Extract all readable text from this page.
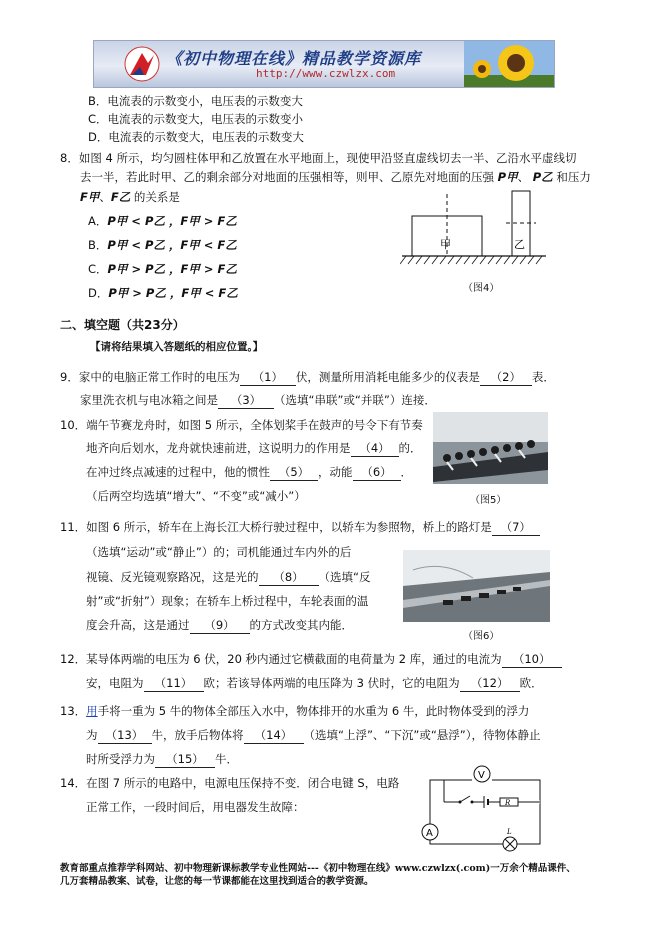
《初中物理在线》精品教学资源库
http://www.czwlzx.com
B．电流表的示数变小，电压表的示数变大
C．电流表的示数变大，电压表的示数变小
D．电流表的示数变大，电压表的示数变大
8．如图 4 所示，均匀圆柱体甲和乙放置在水平地面上，现使甲沿竖直虚线切去一半、乙沿水平虚线切
去一半，若此时甲、乙的剩余部分对地面的压强相等，则甲、乙原先对地面的压强 P甲、 P乙 和压力
F甲、F乙 的关系是
A．P甲 < P乙 ，F甲 > F乙
B．P甲 < P乙 ，F甲 < F乙
C．P甲 > P乙 ，F甲 > F乙
D．P甲 > P乙 ，F甲 < F乙
甲	乙
（图4）
二、填空题（共23分）
【请将结果填入答题纸的相应位置。】
9．家中的电脑正常工作时的电压为 （1） 伏，测量所用消耗电能多少的仪表是 （2） 表．
家里洗衣机与电冰箱之间是 （3） （选填“串联”或“并联”）连接．
10．端午节赛龙舟时，如图 5 所示，全体划桨手在鼓声的号令下有节奏
地齐向后划水，龙舟就快速前进，这说明力的作用是 （4） 的．
在冲过终点减速的过程中，他的惯性 （5） ，动能 （6） ．
（后两空均选填“增大”、“不变”或“减小”）	（图5）
11．如图 6 所示，轿车在上海长江大桥行驶过程中，以轿车为参照物，桥上的路灯是 （7）
（选填“运动”或“静止”）的；司机能通过车内外的后
视镜、反光镜观察路况，这是光的 （8） （选填“反
射”或“折射”）现象；在轿车上桥过程中，车轮表面的温
度会升高，这是通过 （9） 的方式改变其内能．
（图6）
12．某导体两端的电压为 6 伏，20 秒内通过它横截面的电荷量为 2 库，通过的电流为 （10）
安，电阻为 （11） 欧；若该导体两端的电压降为 3 伏时，它的电阻为 （12） 欧．
13．用手将一重为 5 牛的物体全部压入水中，物体排开的水重为 6 牛，此时物体受到的浮力
为 （13） 牛，放手后物体将 （14） （选填“上浮”、“下沉”或“悬浮”），待物体静止
时所受浮力为 （15） 牛．
14．在图 7 所示的电路中，电源电压保持不变．闭合电键 S，电路
正常工作，一段时间后，用电器发生故障：
V
R
A	L
教育部重点推荐学科网站、初中物理新课标教学专业性网站---《初中物理在线》www.czwlzx(.com)一万余个精品课件、
几万套精品教案、试卷，让您的每一节课都能在这里找到适合的教学资源。
